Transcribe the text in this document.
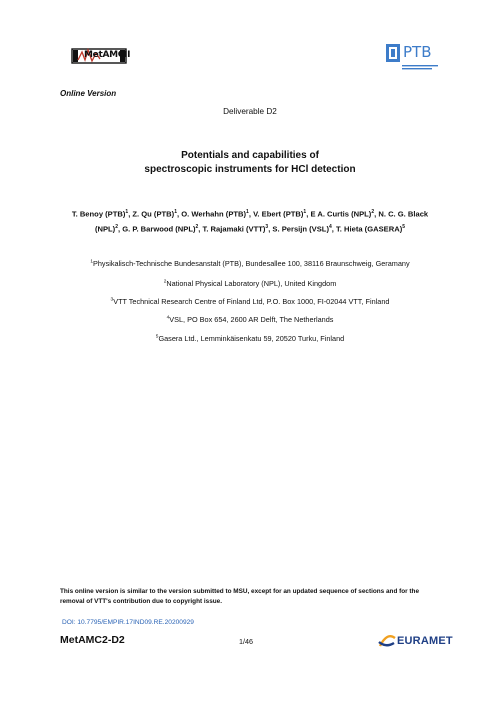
MetAMCII	PTB
Online Version
Deliverable D2
Potentials and capabilities of
spectroscopic instruments for HCl detection
T. Benoy (PTB)$^1$, Z. Qu (PTB)$^1$, O. Werhahn (PTB)$^1$, V. Ebert (PTB)$^1$, E A. Curtis (NPL)$^2$, N. C. G. Black
(NPL)$^2$, G. P. Barwood (NPL)$^2$, T. Rajamaki (VTT)$^3$, S. Persijn (VSL)$^4$, T. Hieta (GASERA)$^5$
$^1$Physikalisch-Technische Bundesanstalt (PTB), Bundesallee 100, 38116 Braunschweig, Geramany
$^2$National Physical Laboratory (NPL), United Kingdom
$^3$VTT Technical Research Centre of Finland Ltd, P.O. Box 1000, FI-02044 VTT, Finland
$^4$VSL, PO Box 654, 2600 AR Delft, The Netherlands
$^5$Gasera Ltd., Lemminkäisenkatu 59, 20520 Turku, Finland
This online version is similar to the version submitted to MSU, except for an updated sequence of sections and for the removal of VTT's contribution due to copyright issue.
DOI: 10.7795/EMPIR.17IND09.RE.20200929
MetAMC2-D2	1/46	EURAMET
